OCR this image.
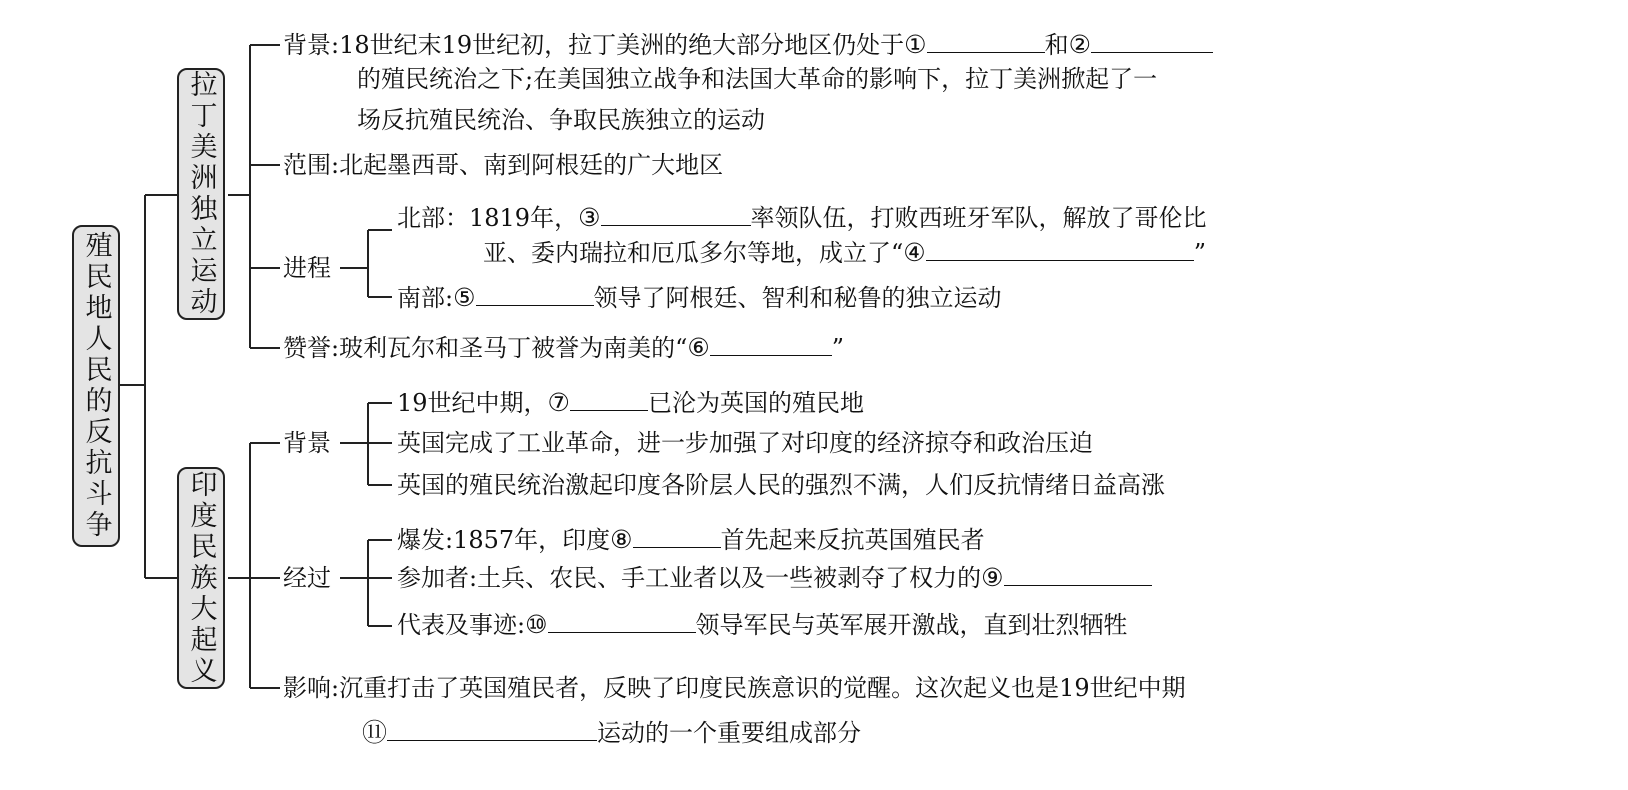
殖民地人民的反抗斗争
拉丁美洲独立运动
印度民族大起义
背景:18世纪末19世纪初，拉丁美洲的绝大部分地区仍处于①	和②
的殖民统治之下;在美国独立战争和法国大革命的影响下，拉丁美洲掀起了一
场反抗殖民统治、争取民族独立的运动
范围:北起墨西哥、南到阿根廷的广大地区
进程
北部：1819年，③	率领队伍，打败西班牙军队，解放了哥伦比
亚、委内瑞拉和厄瓜多尔等地，成立了“④	”
南部:⑤	领导了阿根廷、智利和秘鲁的独立运动
赞誉:玻利瓦尔和圣马丁被誉为南美的“⑥	”
背景
19世纪中期，⑦	已沦为英国的殖民地
英国完成了工业革命，进一步加强了对印度的经济掠夺和政治压迫
英国的殖民统治激起印度各阶层人民的强烈不满，人们反抗情绪日益高涨
经过
爆发:1857年，印度⑧	首先起来反抗英国殖民者
参加者:土兵、农民、手工业者以及一些被剥夺了权力的⑨
代表及事迹:⑩	领导军民与英军展开激战，直到壮烈牺牲
影响:沉重打击了英国殖民者，反映了印度民族意识的觉醒。这次起义也是19世纪中期
⑪	运动的一个重要组成部分
